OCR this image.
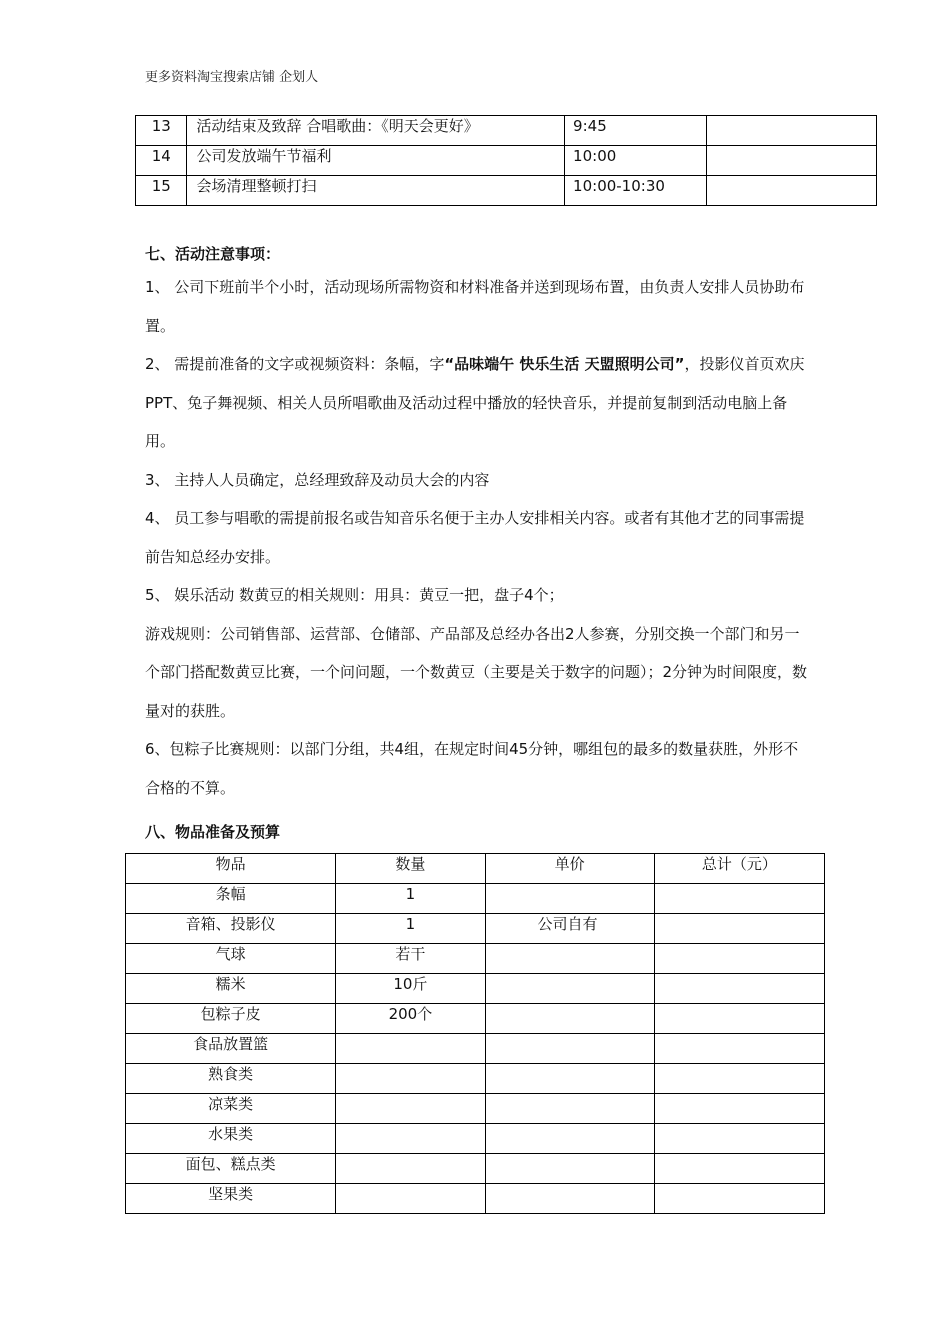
更多资料淘宝搜索店铺 企划人
13	活动结束及致辞 合唱歌曲：《明天会更好》	9:45	
14	公司发放端午节福利	10:00	
15	会场清理整顿打扫	10:00-10:30	
七、活动注意事项：

1、 公司下班前半个小时，活动现场所需物资和材料准备并送到现场布置，由负责人安排人员协助布置。

2、 需提前准备的文字或视频资料：条幅，字“品味端午 快乐生活 天盟照明公司”，投影仪首页欢庆PPT、兔子舞视频、相关人员所唱歌曲及活动过程中播放的轻快音乐，并提前复制到活动电脑上备用。

3、 主持人人员确定，总经理致辞及动员大会的内容

4、 员工参与唱歌的需提前报名或告知音乐名便于主办人安排相关内容。或者有其他才艺的同事需提前告知总经办安排。

5、 娱乐活动 数黄豆的相关规则：用具：黄豆一把，盘子4个；

游戏规则：公司销售部、运营部、仓储部、产品部及总经办各出2人参赛，分别交换一个部门和另一个部门搭配数黄豆比赛，一个问问题，一个数黄豆（主要是关于数字的问题）；2分钟为时间限度，数量对的获胜。

6、包粽子比赛规则：以部门分组，共4组，在规定时间45分钟，哪组包的最多的数量获胜，外形不合格的不算。

八、物品准备及预算
物品	数量	单价	总计（元）
条幅	1		
音箱、投影仪	1	公司自有	
气球	若干		
糯米	10斤		
包粽子皮	200个		
食品放置篮			
熟食类			
凉菜类			
水果类			
面包、糕点类			
坚果类			
